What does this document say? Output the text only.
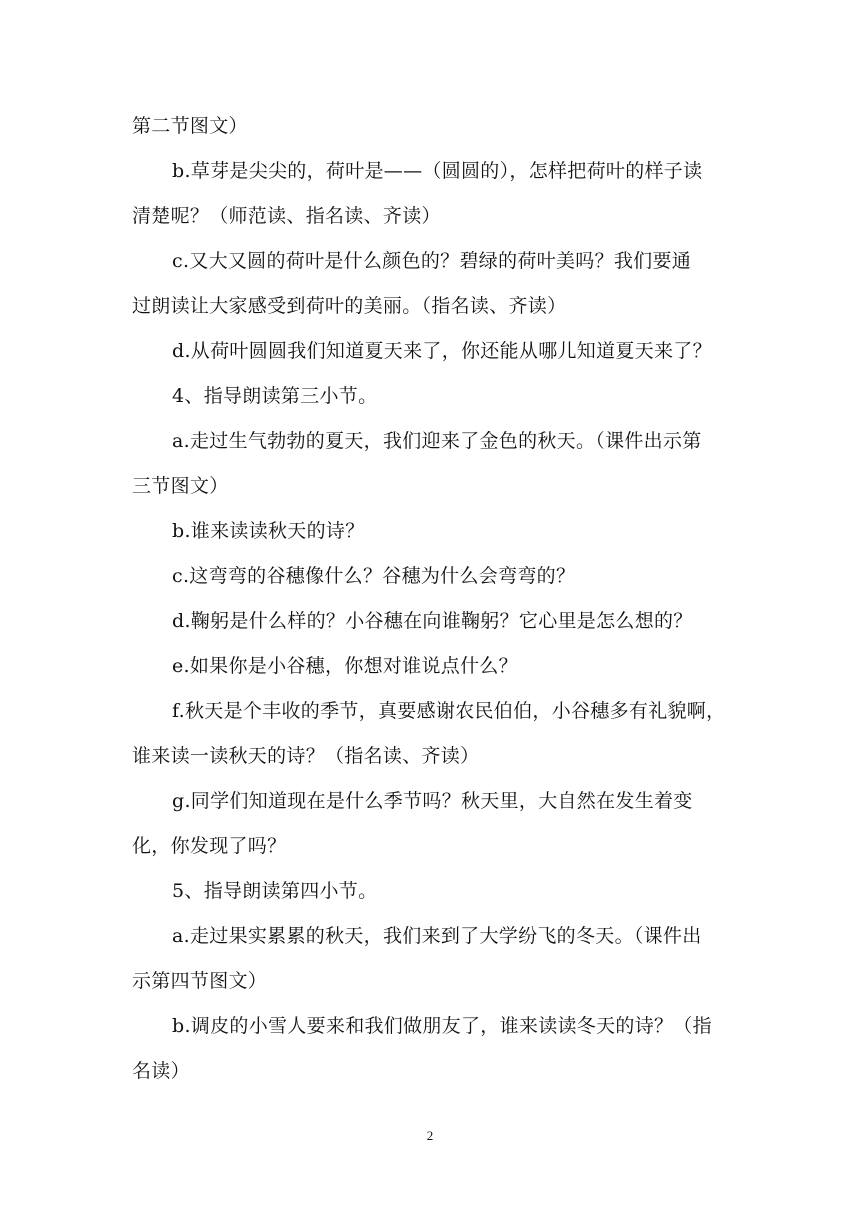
第二节图文）
b.草芽是尖尖的，荷叶是——（圆圆的），怎样把荷叶的样子读
清楚呢？（师范读、指名读、齐读）
c.又大又圆的荷叶是什么颜色的？碧绿的荷叶美吗？我们要通
过朗读让大家感受到荷叶的美丽。（指名读、齐读）
d.从荷叶圆圆我们知道夏天来了，你还能从哪儿知道夏天来了？
4、指导朗读第三小节。
a.走过生气勃勃的夏天，我们迎来了金色的秋天。（课件出示第
三节图文）
b.谁来读读秋天的诗？
c.这弯弯的谷穗像什么？谷穗为什么会弯弯的？
d.鞠躬是什么样的？小谷穗在向谁鞠躬？它心里是怎么想的？
e.如果你是小谷穗，你想对谁说点什么？
f.秋天是个丰收的季节，真要感谢农民伯伯，小谷穗多有礼貌啊，
谁来读一读秋天的诗？（指名读、齐读）
g.同学们知道现在是什么季节吗？秋天里，大自然在发生着变
化，你发现了吗？
5、指导朗读第四小节。
a.走过果实累累的秋天，我们来到了大学纷飞的冬天。（课件出
示第四节图文）
b.调皮的小雪人要来和我们做朋友了，谁来读读冬天的诗？（指
名读）
2
